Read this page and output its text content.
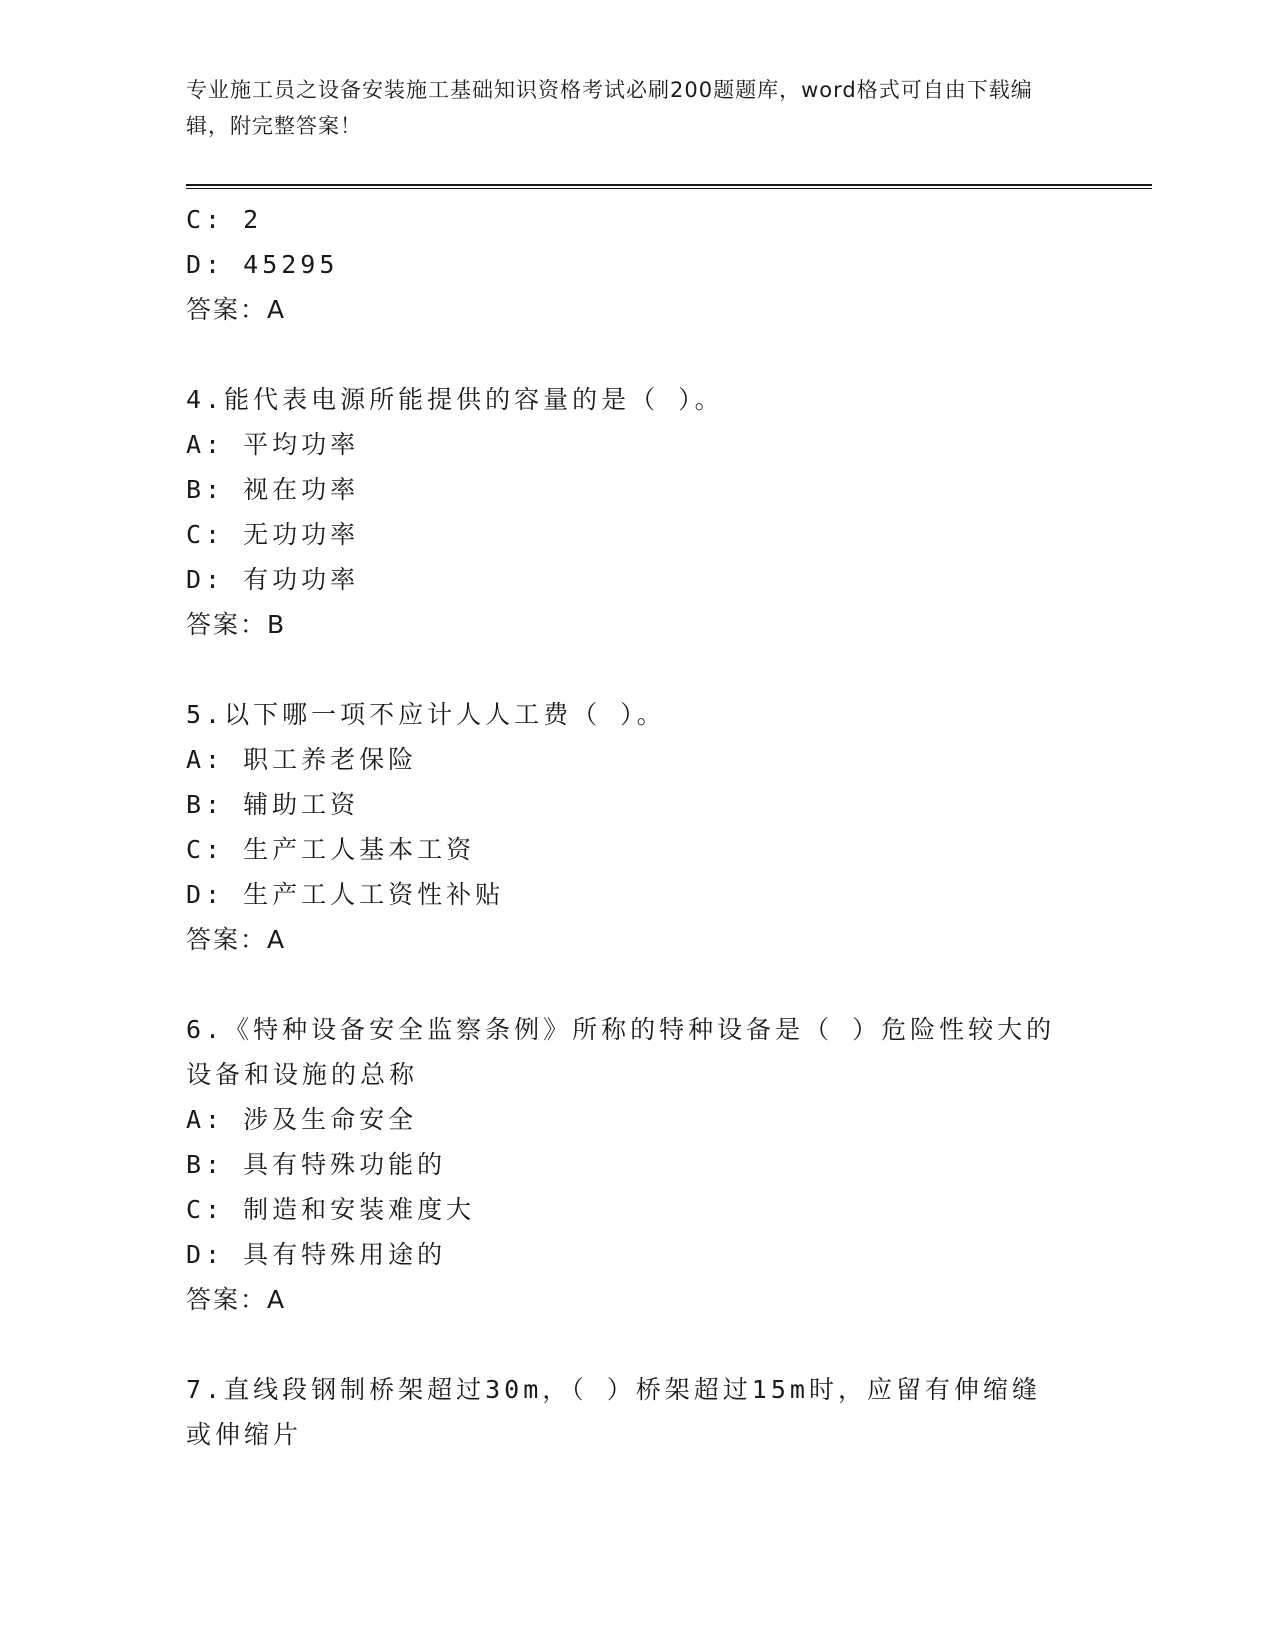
专业施工员之设备安装施工基础知识资格考试必刷200题题库，word格式可自由下载编辑，附完整答案！

C: 2

D: 45295

答案：A

4.能代表电源所能提供的容量的是（ ）。

A: 平均功率

B: 视在功率

C: 无功功率

D: 有功功率

答案：B

5.以下哪一项不应计人人工费（ ）。

A: 职工养老保险

B: 辅助工资

C: 生产工人基本工资

D: 生产工人工资性补贴

答案：A

6.《特种设备安全监察条例》所称的特种设备是（ ）危险性较大的设备和设施的总称

A: 涉及生命安全

B: 具有特殊功能的

C: 制造和安装难度大

D: 具有特殊用途的

答案：A

7.直线段钢制桥架超过30m，（ ）桥架超过15m时，应留有伸缩缝或伸缩片
